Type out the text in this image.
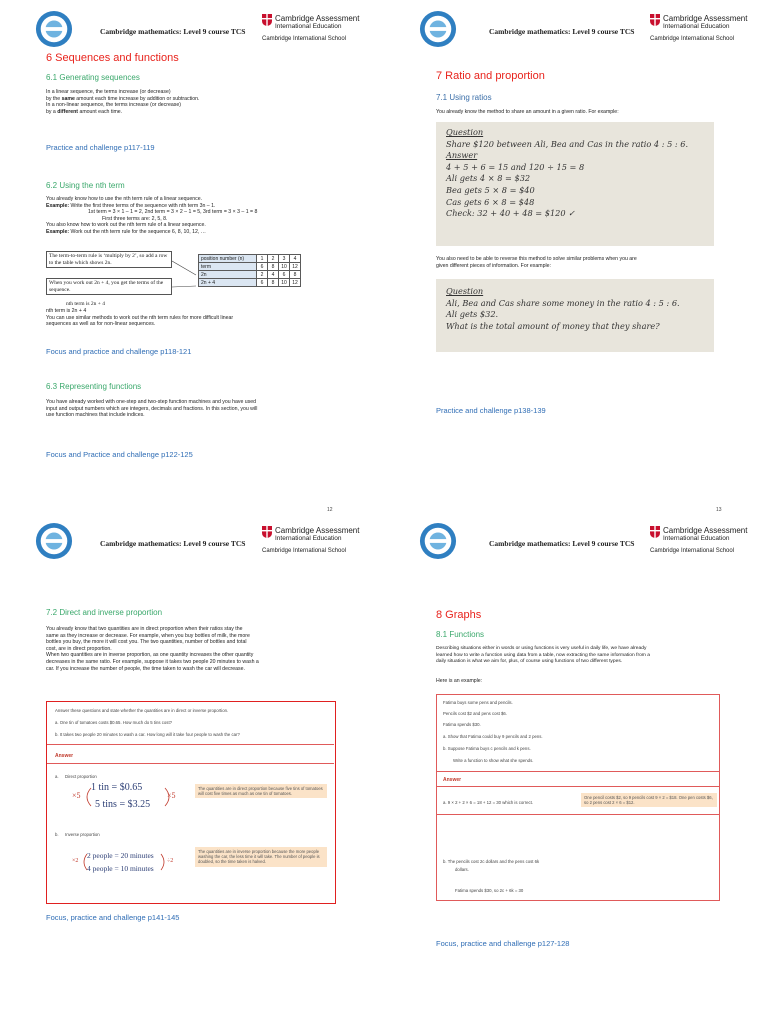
Cambridge mathematics: Level 9 course TCS
Cambridge Assessment
International Education
Cambridge International School
6 Sequences and functions
6.1 Generating sequences
In a linear sequence, the terms increase (or decrease)
by the same amount each time increase by addition or subtraction.
In a non-linear sequence, the terms increase (or decrease)
by a different amount each time.
Practice and challenge p117-119
6.2 Using the nth term
You already know how to use the nth term rule of a linear sequence.
Example: Write the first three terms of the sequence with nth term 3n – 1.
1st term = 3 × 1 – 1 = 2, 2nd term = 3 × 2 – 1 = 5, 3rd term = 3 × 3 – 1 = 8
First three terms are: 2, 5, 8.
You also know how to work out the nth term rule of a linear sequence.
Example: Work out the nth term rule for the sequence 6, 8, 10, 12, …
The term-to-term rule is ‘multiply by 2’, so add a row to the table which shows 2n.
When you work out 2n + 4, you get the terms of the sequence.
position number (n)	1	2	3	4
term	6	8	10	12
2n	2	4	6	8
2n + 4	6	8	10	12
nth term is 2n + 4
nth term is 2n + 4
You can use similar methods to work out the nth term rules for more difficult linear
sequences as well as for non-linear sequences.
Focus and practice and challenge p118-121
6.3 Representing functions
You have already worked with one-step and two-step function machines and you have used
input and output numbers which are integers, decimals and fractions. In this section, you will
use function machines that include indices.
Focus and Practice and challenge p122-125
12
Cambridge mathematics: Level 9 course TCS
Cambridge Assessment
International Education
Cambridge International School
7 Ratio and proportion
7.1 Using ratios
You already know the method to share an amount in a given ratio. For example:
Question
Share $120 between Ali, Bea and Cas in the ratio 4 : 5 : 6.
Answer
4 + 5 + 6 = 15 and 120 ÷ 15 = 8
Ali gets 4 × 8 = $32
Bea gets 5 × 8 = $40
Cas gets 6 × 8 = $48
Check: 32 + 40 + 48 = $120 ✓
You also need to be able to reverse this method to solve similar problems when you are
given different pieces of information. For example:
Question
Ali, Bea and Cas share some money in the ratio 4 : 5 : 6.
Ali gets $32.
What is the total amount of money that they share?
Practice and challenge p138-139
13
Cambridge mathematics: Level 9 course TCS
Cambridge Assessment
International Education
Cambridge International School
7.2 Direct and inverse proportion
You already know that two quantities are in direct proportion when their ratios stay the
same as they increase or decrease. For example, when you buy bottles of milk, the more
bottles you buy, the more it will cost you. The two quantities, number of bottles and total
cost, are in direct proportion.
When two quantities are in inverse proportion, as one quantity increases the other quantity
decreases in the same ratio. For example, suppose it takes two people 20 minutes to wash a
car. If you increase the number of people, the time taken to wash the car will decrease.
Answer these questions and state whether the quantities are in direct or inverse proportion.
a. One tin of tomatoes costs $0.65. How much do 5 tins cost?
b. It takes two people 20 minutes to wash a car. How long will it take four people to wash the car?
Answer
a. Direct proportion
1 tin = $0.65
5 tins = $3.25
×5	×5
The quantities are in direct proportion because five tins of tomatoes will cost five times as much as one tin of tomatoes.
b. Inverse proportion
2 people = 20 minutes
4 people = 10 minutes
×2	÷2
The quantities are in inverse proportion because the more people washing the car, the less time it will take. The number of people is doubled, so the time taken is halved.
Focus, practice and challenge p141-145
Cambridge mathematics: Level 9 course TCS
Cambridge Assessment
International Education
Cambridge International School
8 Graphs
8.1 Functions
Describing situations either in words or using functions is very useful in daily life, we have already
learned how to write a function using data from a table, now extracting the same information from a
daily situation is what we aim for, plus, of course using functions of two different types.
Here is an example:
Fatima buys some pens and pencils.
Pencils cost $2 and pens cost $6.
Fatima spends $30.
a. Show that Fatima could buy 9 pencils and 2 pens.
b. Suppose Fatima buys c pencils and k pens.
Write a function to show what she spends.
Answer
a. 9 × 2 + 2 × 6 = 18 + 12 = 30 which is correct.
One pencil costs $2, so 9 pencils cost 9 × 2 = $18. One pen costs $6, so 2 pens cost 2 × 6 = $12.
b. The pencils cost 2c dollars and the pens cost 6k
dollars.
Fatima spends $30, so 2c + 6k = 30
Focus, practice and challenge p127-128
